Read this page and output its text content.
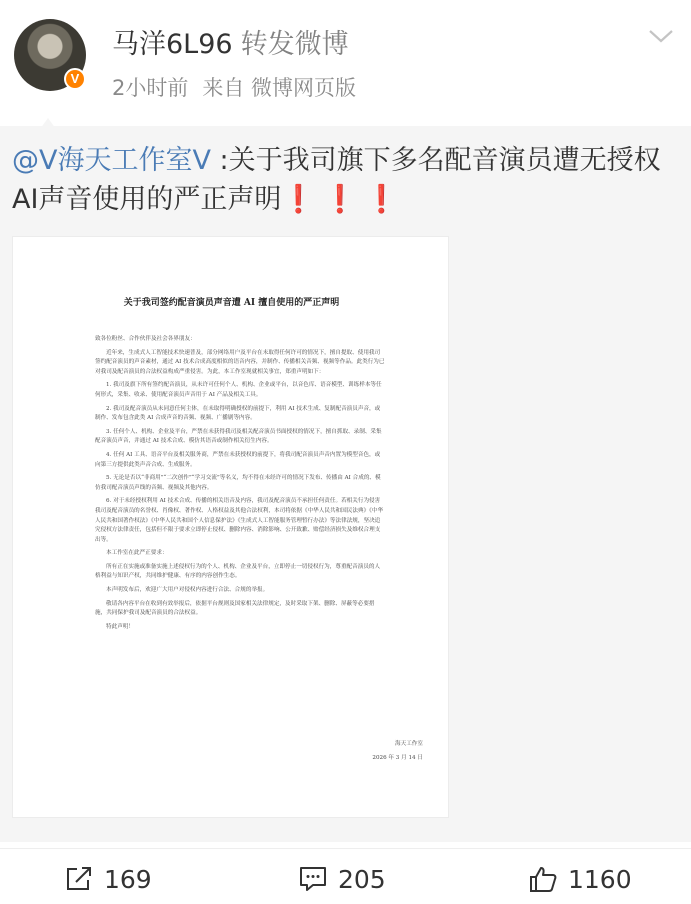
V
马洋6L96 转发微博
2小时前 来自 微博网页版
@V海天工作室V :关于我司旗下多名配音演员遭无授权AI声音使用的严正声明❗❗❗
关于我司签约配音演员声音遭 AI 擅自使用的严正声明

致各位粉丝、合作伙伴及社会各界朋友：

近年来，生成式人工智能技术快速普及，部分网络用户及平台在未取得任何许可的情况下，擅自提取、使用我司签约配音演员的声音素材，通过 AI 技术合成高度相似的语音内容，并制作、传播相关音频、视频等作品。此类行为已对我司及配音演员的合法权益构成严重侵害。为此，本工作室现就相关事宜，郑重声明如下：

1. 我司及旗下所有签约配音演员，从未许可任何个人、机构、企业或平台，以音色库、语音模型、训练样本等任何形式，采集、收录、使用配音演员声音用于 AI 产品及相关工具。

2. 我司及配音演员从未同意任何主体，在未取得明确授权的前提下，利用 AI 技术生成、复制配音演员声音，或制作、发布包含此类 AI 合成声音的音频、视频、广播剧等内容。

3. 任何个人、机构、企业及平台，严禁在未获得我司及相关配音演员书面授权的情况下，擅自抓取、录制、采集配音演员声音，并通过 AI 技术合成、模仿其语音或制作相关衍生内容。

4. 任何 AI 工具、语音平台及相关服务商，严禁在未获授权的前提下，将我司配音演员声音内置为模型音色，或向第三方提供此类声音合成、生成服务。

5. 无论是否以“非商用”“二次创作”“学习交流”等名义，均不得在未经许可的情况下发布、传播由 AI 合成的、模仿我司配音演员声线的音频、视频及其他内容。

6. 对于未经授权利用 AI 技术合成、传播的相关语音及内容，我司及配音演员不承担任何责任。若相关行为侵害我司及配音演员的名誉权、肖像权、著作权、人格权益及其他合法权利，本司将依据《中华人民共和国民法典》《中华人民共和国著作权法》《中华人民共和国个人信息保护法》《生成式人工智能服务管理暂行办法》等法律法规，坚决追究侵权方法律责任，包括但不限于要求立即停止侵权、删除内容、消除影响、公开致歉、赔偿经济损失及维权合理支出等。

本工作室在此严正要求：

所有正在实施或准备实施上述侵权行为的个人、机构、企业及平台，立即停止一切侵权行为，尊重配音演员的人格利益与知识产权，共同维护健康、有序的内容创作生态。

本声明发布后，欢迎广大用户对侵权内容进行合法、合规的举报。

敬请各内容平台在收到有效举报后，依据平台规则及国家相关法律规定，及时采取下架、删除、屏蔽等必要措施，共同保护我司及配音演员的合法权益。

特此声明！

海天工作室
2026 年 3 月 14 日
169	205	1160
